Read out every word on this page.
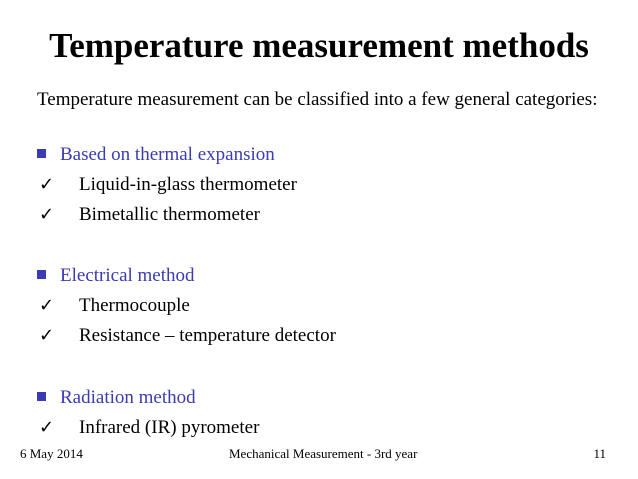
Temperature measurement methods
Temperature measurement can be classified into a few general categories:
Based on thermal expansion
✓ Liquid-in-glass thermometer
✓ Bimetallic thermometer
Electrical method
✓ Thermocouple
✓ Resistance – temperature detector
Radiation method
✓ Infrared (IR) pyrometer
6 May 2014	Mechanical Measurement - 3rd year	11
